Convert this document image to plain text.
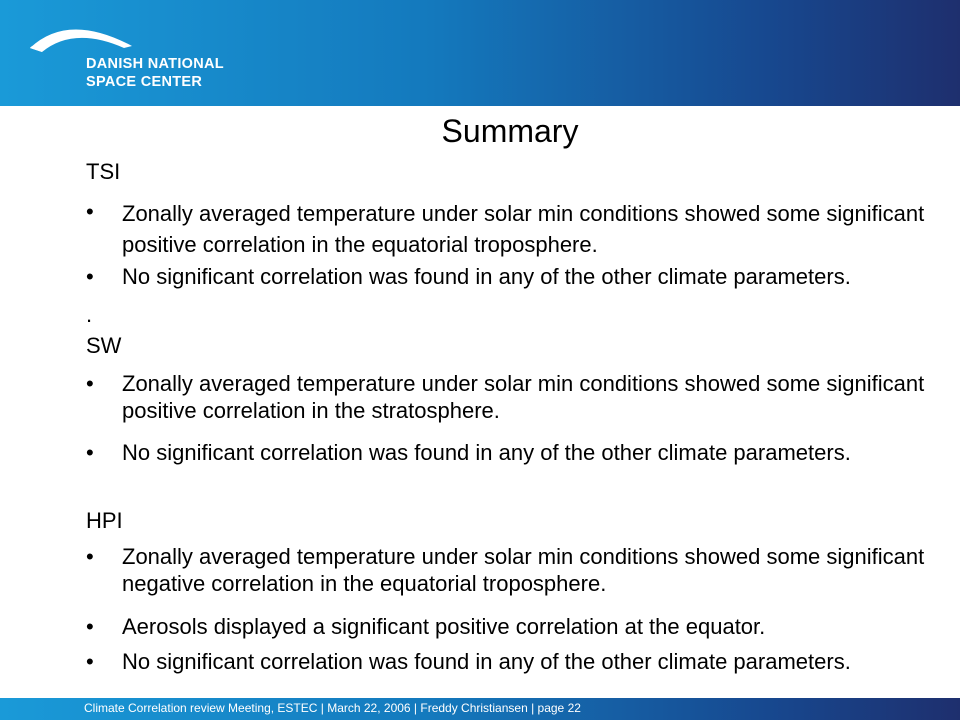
DANISH NATIONAL
SPACE CENTER
Summary
TSI
• Zonally averaged temperature under solar min conditions showed some significant positive correlation in the equatorial troposphere.
• No significant correlation was found in any of the other climate parameters.
.
SW
• Zonally averaged temperature under solar min conditions showed some significant positive correlation in the stratosphere.
• No significant correlation was found in any of the other climate parameters.
HPI
• Zonally averaged temperature under solar min conditions showed some significant negative correlation in the equatorial troposphere.
• Aerosols displayed a significant positive correlation at the equator.
• No significant correlation was found in any of the other climate parameters.
Climate Correlation review Meeting, ESTEC | March 22, 2006 | Freddy Christiansen | page 22
